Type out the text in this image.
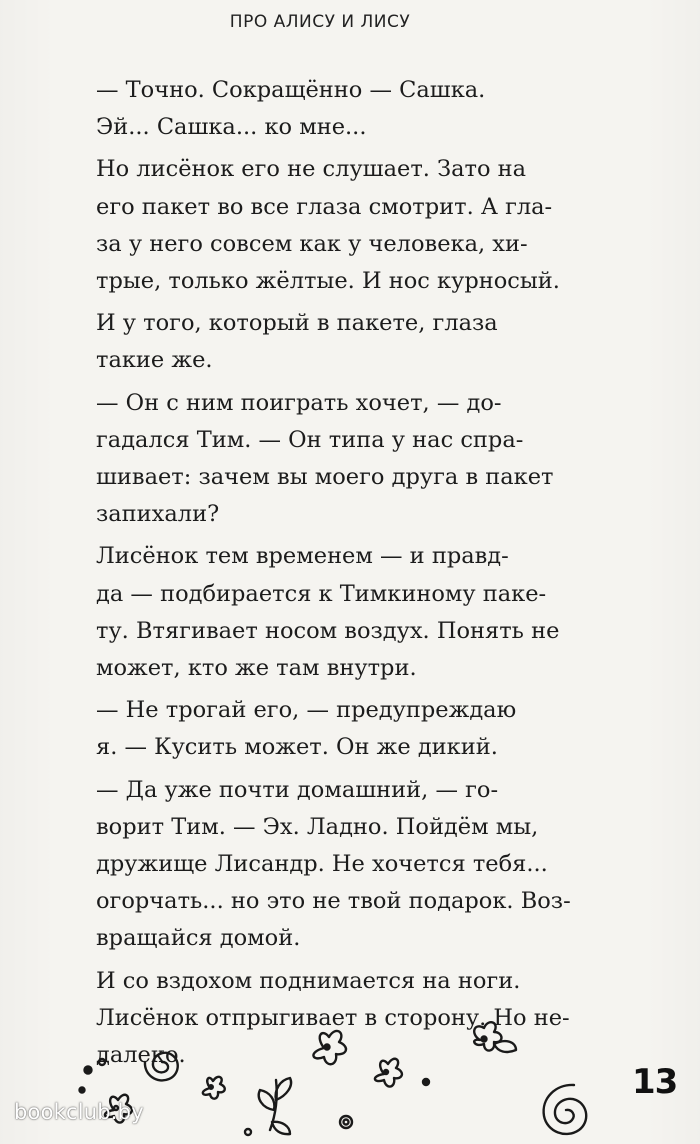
ПРО АЛИСУ И ЛИСУ

— Точно. Сокращённо — Сашка.
Эй... Сашка... ко мне...

Но лисёнок его не слушает. Зато на
его пакет во все глаза смотрит. А гла-
за у него совсем как у человека, хи-
трые, только жёлтые. И нос курносый.

И у того, который в пакете, глаза
такие же.

— Он с ним поиграть хочет, — до-
гадался Тим. — Он типа у нас спра-
шивает: зачем вы моего друга в пакет
запихали?

Лисёнок тем временем — и правд-
да — подбирается к Тимкиному паке-
ту. Втягивает носом воздух. Понять не
может, кто же там внутри.

— Не трогай его, — предупреждаю
я. — Кусить может. Он же дикий.

— Да уже почти домашний, — го-
ворит Тим. — Эх. Ладно. Пойдём мы,
дружище Лисандр. Не хочется тебя...
огорчать... но это не твой подарок. Воз-
вращайся домой.

И со вздохом поднимается на ноги.
Лисёнок отпрыгивает в сторону. Но не-
далеко.

13
bookclub.by
